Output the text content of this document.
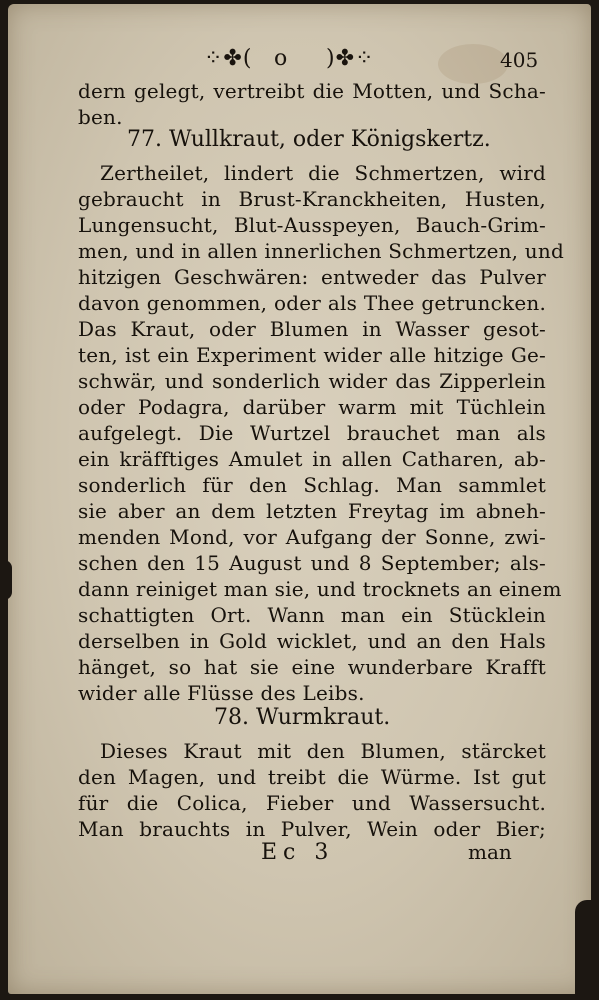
⁘✤( o )✤⁘	405
dern gelegt, vertreibt die Motten, und Scha-
ben.
77. Wullkraut, oder Königskertz.
Zertheilet, lindert die Schmertzen, wird
gebraucht in Brust-Kranckheiten, Husten,
Lungensucht, Blut-Ausspeyen, Bauch-Grim-
men, und in allen innerlichen Schmertzen, und
hitzigen Geschwären: entweder das Pulver
davon genommen, oder als Thee getruncken.
Das Kraut, oder Blumen in Wasser gesot-
ten, ist ein Experiment wider alle hitzige Ge-
schwär, und sonderlich wider das Zipperlein
oder Podagra, darüber warm mit Tüchlein
aufgelegt. Die Wurtzel brauchet man als
ein kräfftiges Amulet in allen Catharen, ab-
sonderlich für den Schlag. Man sammlet
sie aber an dem letzten Freytag im abneh-
menden Mond, vor Aufgang der Sonne, zwi-
schen den 15 August und 8 September; als-
dann reiniget man sie, und trocknets an einem
schattigten Ort. Wann man ein Stücklein
derselben in Gold wicklet, und an den Hals
hänget, so hat sie eine wunderbare Krafft
wider alle Flüsse des Leibs.
78. Wurmkraut.
Dieses Kraut mit den Blumen, stärcket
den Magen, und treibt die Würme. Ist gut
für die Colica, Fieber und Wassersucht.
Man brauchts in Pulver, Wein oder Bier;
Ec 3	man
